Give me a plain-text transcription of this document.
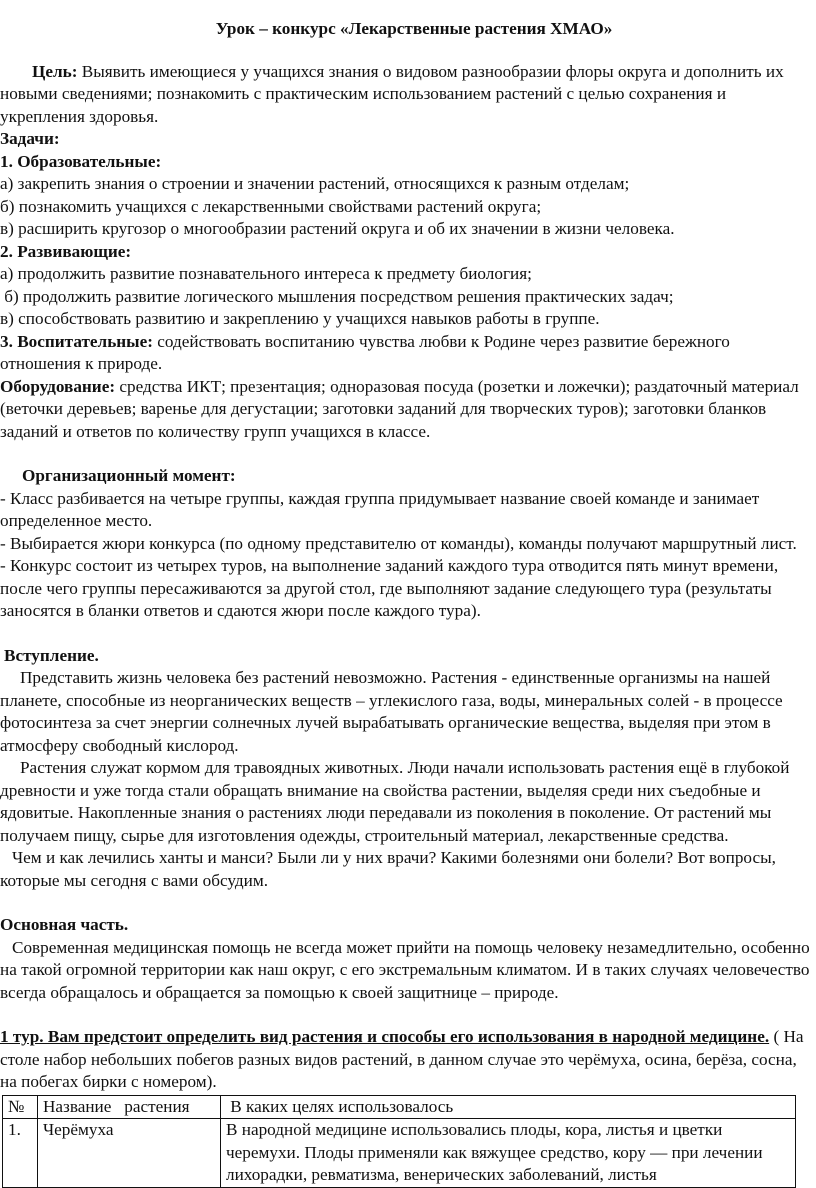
Урок – конкурс «Лекарственные растения ХМАО»

Цель: Выявить имеющиеся у учащихся знания о видовом разнообразии флоры округа и дополнить их новыми сведениями; познакомить с практическим использованием растений с целью сохранения и укрепления здоровья.

Задачи:

1. Образовательные:

а) закрепить знания о строении и значении растений, относящихся к разным отделам;

б) познакомить учащихся с лекарственными свойствами растений округа;

в) расширить кругозор о многообразии растений округа и об их значении в жизни человека.

2. Развивающие:

а) продолжить развитие познавательного интереса к предмету биология;

б) продолжить развитие логического мышления посредством решения практических задач;

в) способствовать развитию и закреплению у учащихся навыков работы в группе.

3. Воспитательные: содействовать воспитанию чувства любви к Родине через развитие бережного отношения к природе.

Оборудование: средства ИКТ; презентация; одноразовая посуда (розетки и ложечки); раздаточный материал (веточки деревьев; варенье для дегустации; заготовки заданий для творческих туров); заготовки бланков заданий и ответов по количеству групп учащихся в классе.

Организационный момент:

- Класс разбивается на четыре группы, каждая группа придумывает название своей команде и занимает определенное место.

- Выбирается жюри конкурса (по одному представителю от команды), команды получают маршрутный лист.

- Конкурс состоит из четырех туров, на выполнение заданий каждого тура отводится пять минут времени, после чего группы пересаживаются за другой стол, где выполняют задание следующего тура (результаты заносятся в бланки ответов и сдаются жюри после каждого тура).

Вступление.

Представить жизнь человека без растений невозможно. Растения - единственные организмы на нашей планете, способные из неорганических веществ – углекислого газа, воды, минеральных солей - в процессе фотосинтеза за счет энергии солнечных лучей вырабатывать органические вещества, выделяя при этом в атмосферу свободный кислород.

Растения служат кормом для травоядных животных. Люди начали использовать растения ещё в глубокой древности и уже тогда стали обращать внимание на свойства растении, выделяя среди них съедобные и ядовитые. Накопленные знания о растениях люди передавали из поколения в поколение. От растений мы получаем пищу, сырье для изготовления одежды, строительный материал, лекарственные средства.

Чем и как лечились ханты и манси? Были ли у них врачи? Какими болезнями они болели? Вот вопросы, которые мы сегодня с вами обсудим.

Основная часть.

Современная медицинская помощь не всегда может прийти на помощь человеку незамедлительно, особенно на такой огромной территории как наш округ, с его экстремальным климатом. И в таких случаях человечество всегда обращалось и обращается за помощью к своей защитнице – природе.

1 тур. Вам предстоит определить вид растения и способы его использования в народной медицине. ( На столе набор небольших побегов разных видов растений, в данном случае это черёмуха, осина, берёза, сосна, на побегах бирки с номером).

№	Название   растения	В каких целях использовалось
1.	Черёмуха	В народной медицине использовались плоды, кора, листья и цветки черемухи. Плоды применяли как вяжущее средство, кору — при лечении лихорадки, ревматизма, венерических заболеваний, листья
